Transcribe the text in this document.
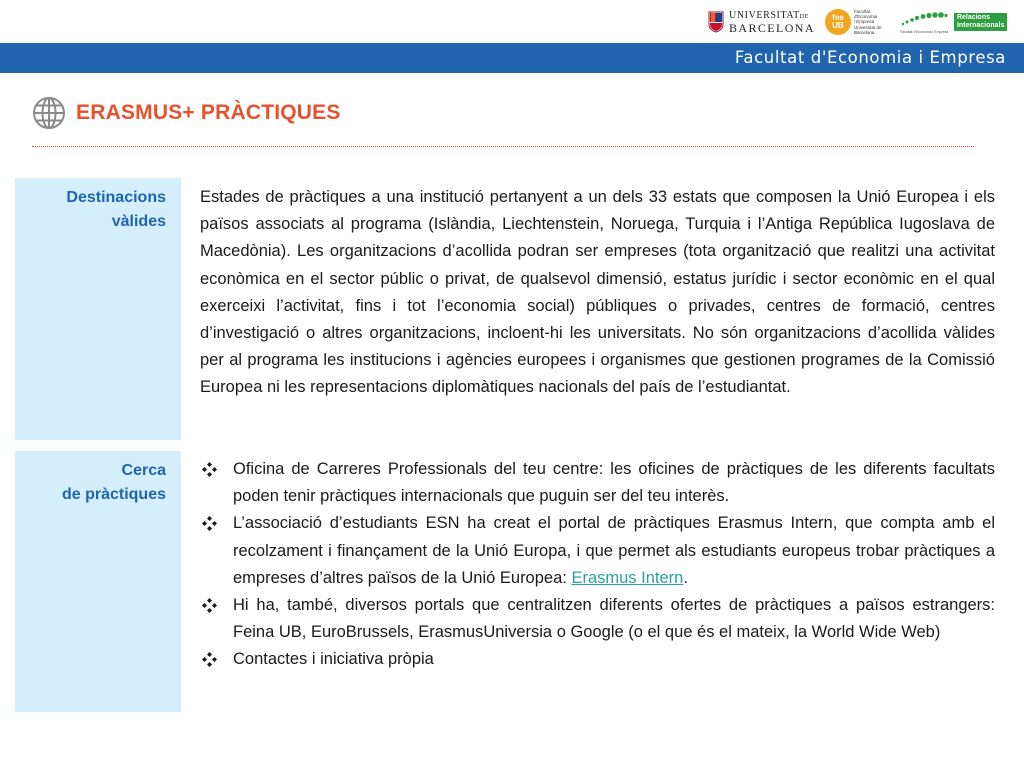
UNIVERSITATDE
BARCELONA
fee
UB
Facultat
d'Economia
i Empresa
Universitat de Barcelona	Facultat d'Economia i Empresa
Relacions
Internacionals
Facultat d'Economia i Empresa
ERASMUS+ PRÀCTIQUES
Destinacions
vàlides

Estades de pràctiques a una institució pertanyent a un dels 33 estats que composen la Unió Europea i els països associats al programa (Islàndia, Liechtenstein, Noruega, Turquia i l’Antiga República Iugoslava de Macedònia). Les organitzacions d’acollida podran ser empreses (tota organització que realitzi una activitat econòmica en el sector públic o privat, de qualsevol dimensió, estatus jurídic i sector econòmic en el qual exerceixi l’activitat, fins i tot l’economia social) públiques o privades, centres de formació, centres d’investigació o altres organitzacions, incloent-hi les universitats. No són organitzacions d’acollida vàlides per al programa les institucions i agències europees i organismes que gestionen programes de la Comissió Europea ni les representacions diplomàtiques nacionals del país de l’estudiantat.

Cerca
de pràctiques
Oficina de Carreres Professionals del teu centre: les oficines de pràctiques de les diferents facultats poden tenir pràctiques internacionals que puguin ser del teu interès.
L’associació d’estudiants ESN ha creat el portal de pràctiques Erasmus Intern, que compta amb el recolzament i finançament de la Unió Europa, i que permet als estudiants europeus trobar pràctiques a empreses d’altres països de la Unió Europea: Erasmus Intern.
Hi ha, també, diversos portals que centralitzen diferents ofertes de pràctiques a països estrangers: Feina UB, EuroBrussels, ErasmusUniversia o Google (o el que és el mateix, la World Wide Web)
Contactes i iniciativa pròpia
